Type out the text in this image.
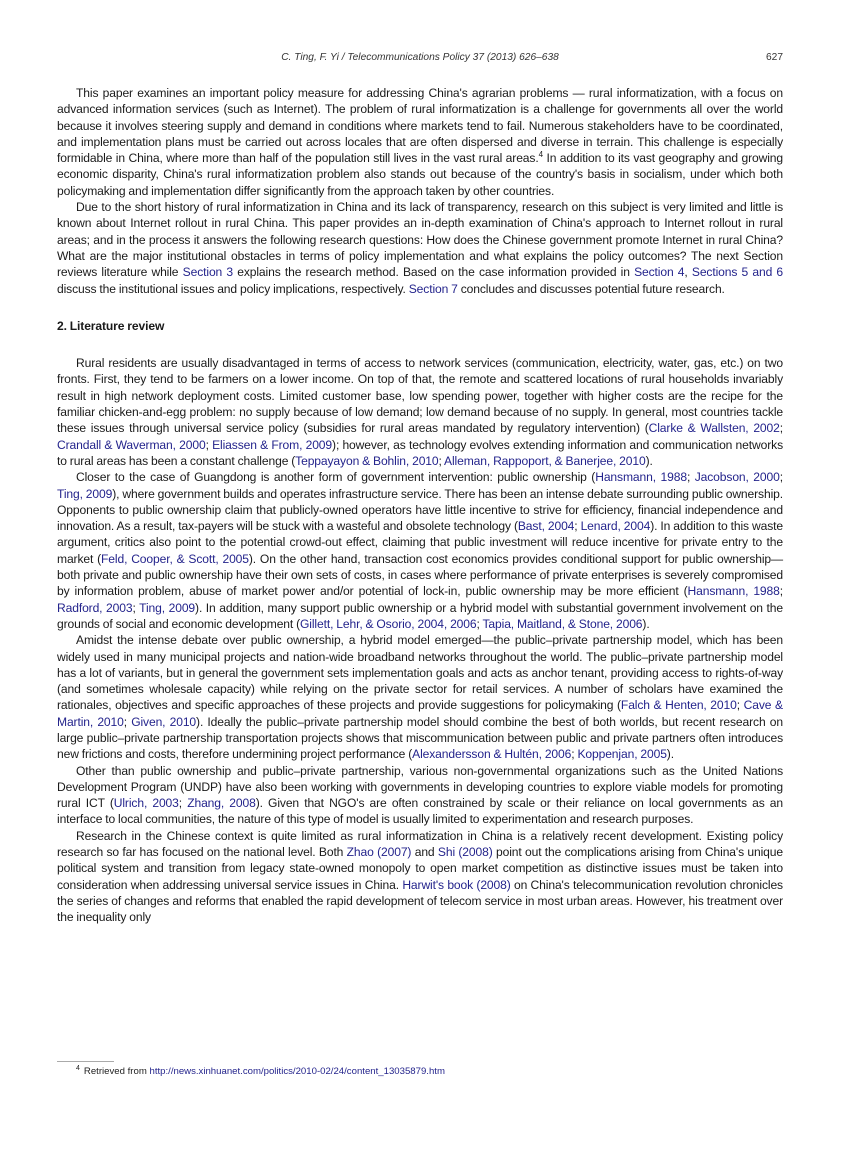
C. Ting, F. Yi / Telecommunications Policy 37 (2013) 626–638	627

This paper examines an important policy measure for addressing China's agrarian problems — rural informatization, with a focus on advanced information services (such as Internet). The problem of rural informatization is a challenge for governments all over the world because it involves steering supply and demand in conditions where markets tend to fail. Numerous stakeholders have to be coordinated, and implementation plans must be carried out across locales that are often dispersed and diverse in terrain. This challenge is especially formidable in China, where more than half of the population still lives in the vast rural areas.$^4$ In addition to its vast geography and growing economic disparity, China's rural informatization problem also stands out because of the country's basis in socialism, under which both policymaking and implementation differ significantly from the approach taken by other countries.

Due to the short history of rural informatization in China and its lack of transparency, research on this subject is very limited and little is known about Internet rollout in rural China. This paper provides an in-depth examination of China's approach to Internet rollout in rural areas; and in the process it answers the following research questions: How does the Chinese government promote Internet in rural China? What are the major institutional obstacles in terms of policy implementation and what explains the policy outcomes? The next Section reviews literature while Section 3 explains the research method. Based on the case information provided in Section 4, Sections 5 and 6 discuss the institutional issues and policy implications, respectively. Section 7 concludes and discusses potential future research.

2. Literature review

Rural residents are usually disadvantaged in terms of access to network services (communication, electricity, water, gas, etc.) on two fronts. First, they tend to be farmers on a lower income. On top of that, the remote and scattered locations of rural households invariably result in high network deployment costs. Limited customer base, low spending power, together with higher costs are the recipe for the familiar chicken-and-egg problem: no supply because of low demand; low demand because of no supply. In general, most countries tackle these issues through universal service policy (subsidies for rural areas mandated by regulatory intervention) (Clarke & Wallsten, 2002; Crandall & Waverman, 2000; Eliassen & From, 2009); however, as technology evolves extending information and communication networks to rural areas has been a constant challenge (Teppayayon & Bohlin, 2010; Alleman, Rappoport, & Banerjee, 2010).

Closer to the case of Guangdong is another form of government intervention: public ownership (Hansmann, 1988; Jacobson, 2000; Ting, 2009), where government builds and operates infrastructure service. There has been an intense debate surrounding public ownership. Opponents to public ownership claim that publicly-owned operators have little incentive to strive for efficiency, financial independence and innovation. As a result, tax-payers will be stuck with a wasteful and obsolete technology (Bast, 2004; Lenard, 2004). In addition to this waste argument, critics also point to the potential crowd-out effect, claiming that public investment will reduce incentive for private entry to the market (Feld, Cooper, & Scott, 2005). On the other hand, transaction cost economics provides conditional support for public ownership—both private and public ownership have their own sets of costs, in cases where performance of private enterprises is severely compromised by information problem, abuse of market power and/or potential of lock-in, public ownership may be more efficient (Hansmann, 1988; Radford, 2003; Ting, 2009). In addition, many support public ownership or a hybrid model with substantial government involvement on the grounds of social and economic development (Gillett, Lehr, & Osorio, 2004, 2006; Tapia, Maitland, & Stone, 2006).

Amidst the intense debate over public ownership, a hybrid model emerged—the public–private partnership model, which has been widely used in many municipal projects and nation-wide broadband networks throughout the world. The public–private partnership model has a lot of variants, but in general the government sets implementation goals and acts as anchor tenant, providing access to rights-of-way (and sometimes wholesale capacity) while relying on the private sector for retail services. A number of scholars have examined the rationales, objectives and specific approaches of these projects and provide suggestions for policymaking (Falch & Henten, 2010; Cave & Martin, 2010; Given, 2010). Ideally the public–private partnership model should combine the best of both worlds, but recent research on large public–private partnership transportation projects shows that miscommunication between public and private partners often introduces new frictions and costs, therefore undermining project performance (Alexandersson & Hultén, 2006; Koppenjan, 2005).

Other than public ownership and public–private partnership, various non-governmental organizations such as the United Nations Development Program (UNDP) have also been working with governments in developing countries to explore viable models for promoting rural ICT (Ulrich, 2003; Zhang, 2008). Given that NGO's are often constrained by scale or their reliance on local governments as an interface to local communities, the nature of this type of model is usually limited to experimentation and research purposes.

Research in the Chinese context is quite limited as rural informatization in China is a relatively recent development. Existing policy research so far has focused on the national level. Both Zhao (2007) and Shi (2008) point out the complications arising from China's unique political system and transition from legacy state-owned monopoly to open market competition as distinctive issues must be taken into consideration when addressing universal service issues in China. Harwit's book (2008) on China's telecommunication revolution chronicles the series of changes and reforms that enabled the rapid development of telecom service in most urban areas. However, his treatment over the inequality only

$^4$ Retrieved from http://news.xinhuanet.com/politics/2010-02/24/content_13035879.htm
